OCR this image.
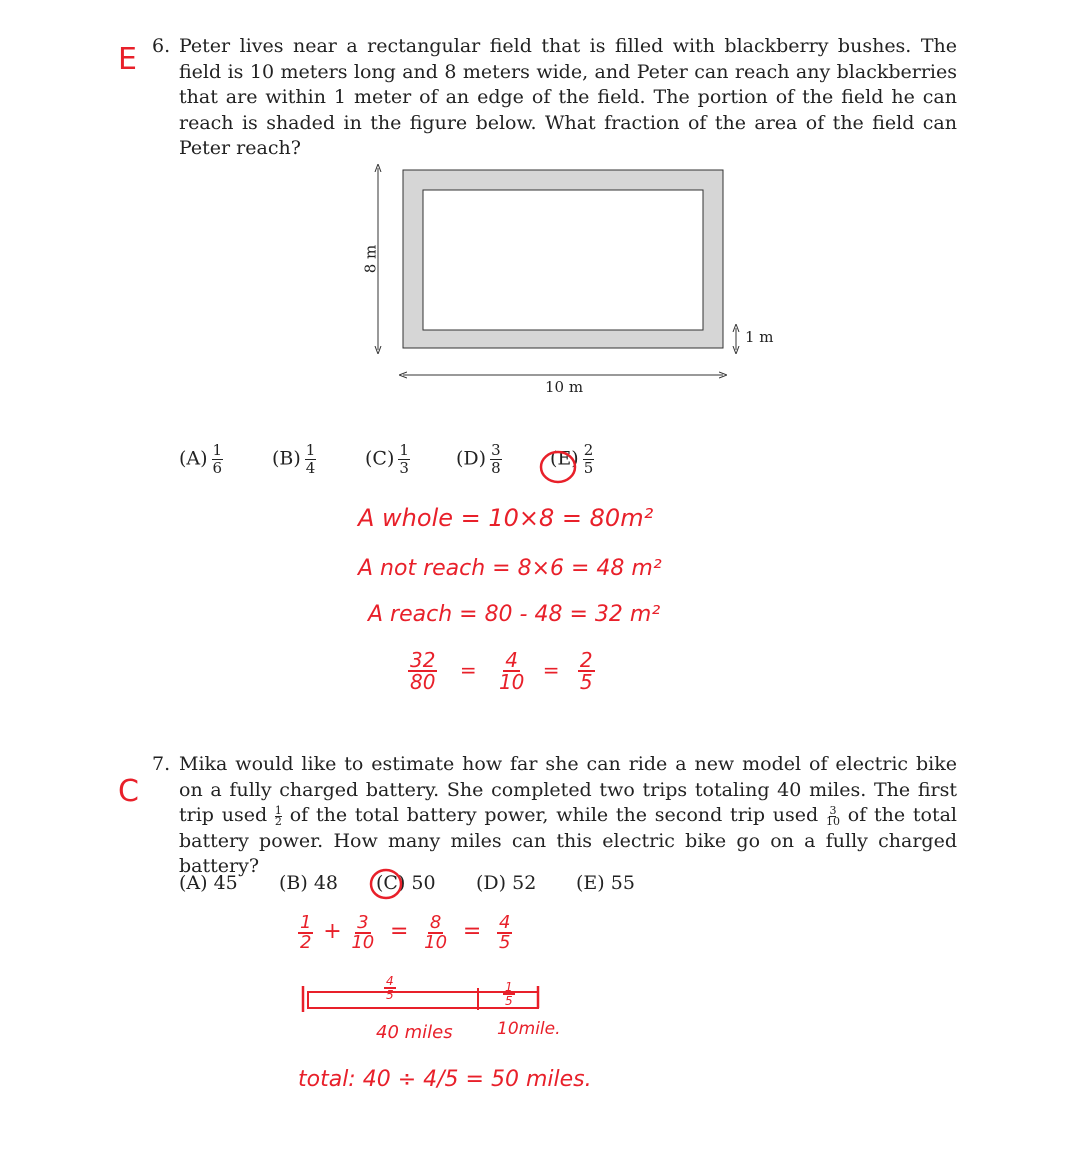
E 6. Peter lives near a rectangular field that is filled with blackberry bushes. The field is 10 meters long and 8 meters wide, and Peter can reach any blackberries that are within 1 meter of an edge of the field. The portion of the field he can reach is shaded in the figure below. What fraction of the area of the field can Peter reach?
8 m
10 m
1 m
$(A) \frac{1}{6}$	$(B) \frac{1}{4}$	$(C) \frac{1}{3} (D) \frac{3}{8}$	$(E) \frac{2}{5}$
A whole = 10×8 = 80m²
A not reach = 8×6 = 48 m²
A reach = 80 - 48 = 32 m²
$\frac{32}{80} = \frac{4}{10} = \frac{2}{5}$
C
7. Mika would like to estimate how far she can ride a new model of electric bike on a fully charged battery. She completed two trips totaling 40 miles. The first trip used $\frac{1}{2}$ of the total battery power, while the second trip used $\frac{3}{10}$ of the total battery power. How many miles can this electric bike go on a fully charged battery?
(A) 45 (B) 48 (C) 50 (D) 52 (E) 55
$\frac{1}{2} + \frac{3}{10} = \frac{8}{10} = \frac{4}{5}$
$\frac{4}{5}$	$\frac{1}{5}$
40 miles	10mile.
total: 40 ÷ 4/5 = 50 miles.
